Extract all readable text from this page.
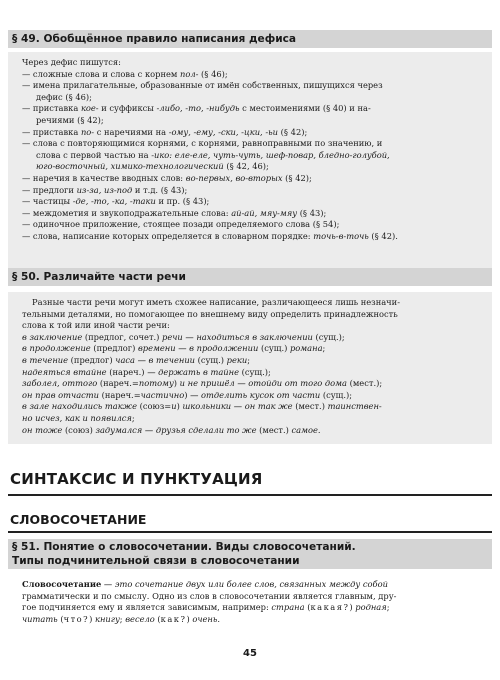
§ 49. Обобщённое правило написания дефиса
Через дефис пишутся:
— сложные слова и слова с корнем пол- (§ 46);
— имена прилагательные, образованные от имён собственных, пишущихся через
дефис (§ 46);
— приставка кое- и суффиксы -либо, -то, -нибудь с местоимениями (§ 40) и на-
речиями (§ 42);
— приставка по- с наречиями на -ому, -ему, -ски, -цки, -ьи (§ 42);
— слова с повторяющимися корнями, с корнями, равноправными по значению, и
слова с первой частью на -ико: еле-еле, чуть-чуть, шеф-повар, бледно-голубой,
юго-восточный, химико-технологический (§ 42, 46);
— наречия в качестве вводных слов: во-первых, во-вторых (§ 42);
— предлоги из-за, из-под и т.д. (§ 43);
— частицы -де, -то, -ка, -таки и пр. (§ 43);
— междометия и звукоподражательные слова: ай-ай, мяу-мяу (§ 43);
— одиночное приложение, стоящее позади определяемого слова (§ 54);
— слова, написание которых определяется в словарном порядке: точь-в-точь (§ 42).
§ 50. Различайте части речи
Разные части речи могут иметь схожее написание, различающееся лишь незначи-
тельными деталями, но помогающее по внешнему виду определить принадлежность
слова к той или иной части речи:
в заключение (предлог, сочет.) речи — находиться в заключении (сущ.);
в продолжение (предлог) времени — в продолжении (сущ.) романа;
в течение (предлог) часа — в течении (сущ.) реки;
надеяться втайне (нареч.) — держать в тайне (сущ.);
заболел, оттого (нареч.=потому) и не пришёл — отойди от того дома (мест.);
он прав отчасти (нареч.=частично) — отделить кусок от части (сущ.);
в зале находились также (союз=и) школьники — он так же (мест.) таинствен-
но исчез, как и появился;
он тоже (союз) задумался — друзья сделали то же (мест.) самое.
СИНТАКСИС И ПУНКТУАЦИЯ
СЛОВОСОЧЕТАНИЕ
§ 51. Понятие о словосочетании. Виды словосочетаний.
Типы подчинительной связи в словосочетании
Словосочетание — это сочетание двух или более слов, связанных между собой
грамматически и по смыслу. Одно из слов в словосочетании является главным, дру-
гое подчиняется ему и является зависимым, например: страна (какая?) родная;
читать (что?) книгу; весело (как?) очень.
45
